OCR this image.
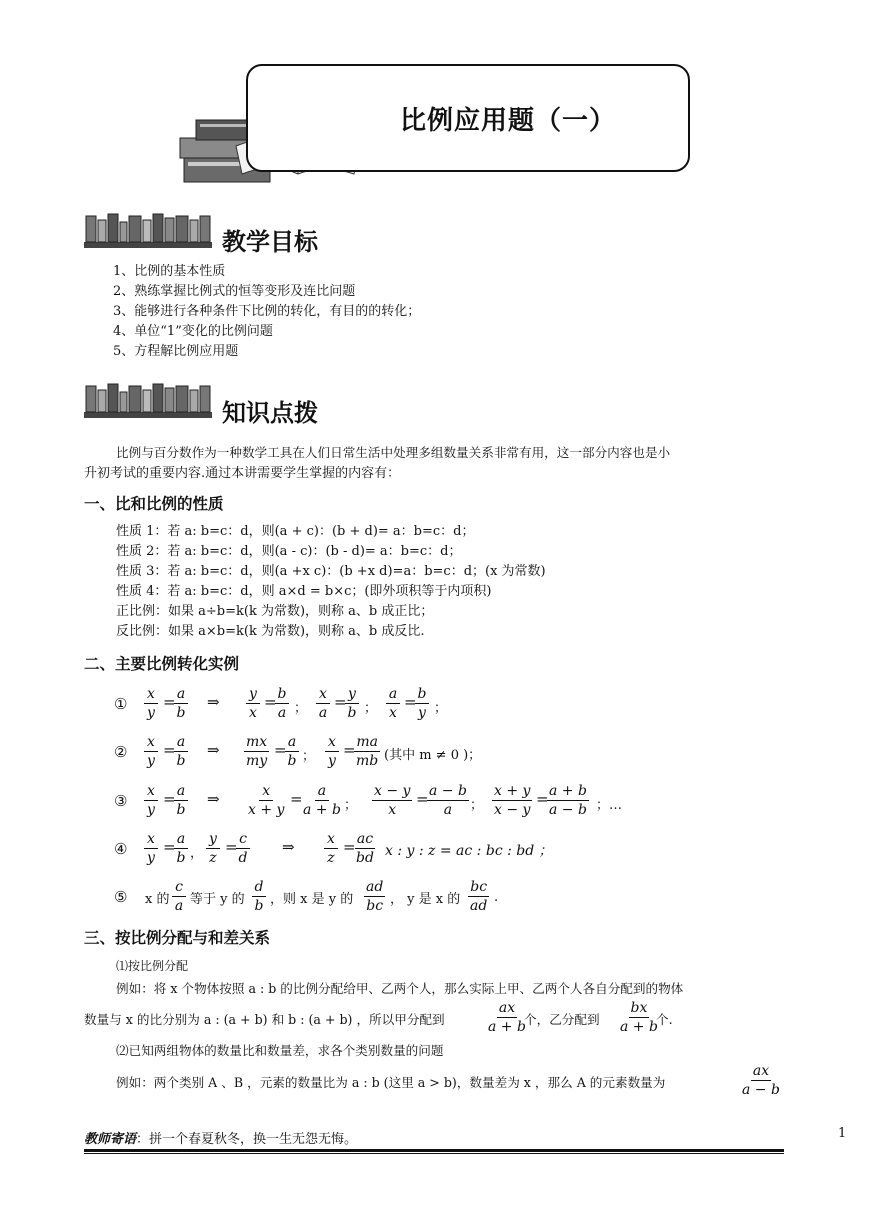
比例应用题（一）
教学目标
1、比例的基本性质
2、熟练掌握比例式的恒等变形及连比问题
3、能够进行各种条件下比例的转化，有目的的转化；
4、单位“1”变化的比例问题
5、方程解比例应用题
知识点拨
比例与百分数作为一种数学工具在人们日常生活中处理多组数量关系非常有用，这一部分内容也是小
升初考试的重要内容.通过本讲需要学生掌握的内容有：
一、比和比例的性质
性质 1：若 a: b=c：d，则(a + c)：(b + d)= a：b=c：d；
性质 2：若 a: b=c：d，则(a - c)：(b - d)= a：b=c：d；
性质 3：若 a: b=c：d，则(a +x c)：(b +x d)=a：b=c：d；(x 为常数)
性质 4：若 a: b=c：d，则 a×d = b×c；(即外项积等于内项积)
正比例：如果 a÷b=k(k 为常数)，则称 a、b 成正比；
反比例：如果 a×b=k(k 为常数)，则称 a、b 成反比.
二、主要比例转化实例
① $\frac{x}{y}$ =
$\frac{a}{b}$ ⇒ $\frac{y}{x}$ =
$\frac{b}{a}$ ； $\frac{x}{a}$ =
$\frac{y}{b}$ ； $\frac{a}{x}$ =
$\frac{b}{y}$ ；
② $\frac{x}{y}$ =
$\frac{a}{b}$ ⇒ $\frac{mx}{my}$ =
$\frac{a}{b}$ ； $\frac{x}{y}$ =
$\frac{ma}{mb}$ (其中 m ≠ 0 )；
③ $\frac{x}{y}$ =
$\frac{a}{b}$ ⇒ $\frac{x}{x + y}$ =
$\frac{a}{a + b}$ ； $\frac{x - y}{x}$ =
$\frac{a - b}{a}$ ； $\frac{x + y}{x - y}$ =
$\frac{a + b}{a - b}$ ；…
④ $\frac{x}{y}$ =
$\frac{a}{b}$ ， $\frac{y}{z}$ =
$\frac{c}{d}$ ⇒ $\frac{x}{z}$ =
$\frac{ac}{bd}$ x : y : z = ac : bc : bd ；
⑤ x 的 $\frac{c}{a}$ 等于 y 的 $\frac{d}{b}$ ，则 x 是 y 的 $\frac{ad}{bc}$ ， y 是 x 的 $\frac{bc}{ad}$ .
三、按比例分配与和差关系
⑴按比例分配
例如：将 x 个物体按照 a : b 的比例分配给甲、乙两个人，那么实际上甲、乙两个人各自分配到的物体
数量与 x 的比分别为 a : (a + b) 和 b : (a + b) ，所以甲分配到	$\frac{ax}{a + b}$
个，乙分配到 $\frac{bx}{a + b}$
个.
⑵已知两组物体的数量比和数量差，求各个类别数量的问题
例如：两个类别 A 、B ，元素的数量比为 a : b (这里 a > b)，数量差为 x ，那么 A 的元素数量为	$\frac{ax}{a - b}$
，
教师寄语：拼一个春夏秋冬，换一生无怨无悔。	1
